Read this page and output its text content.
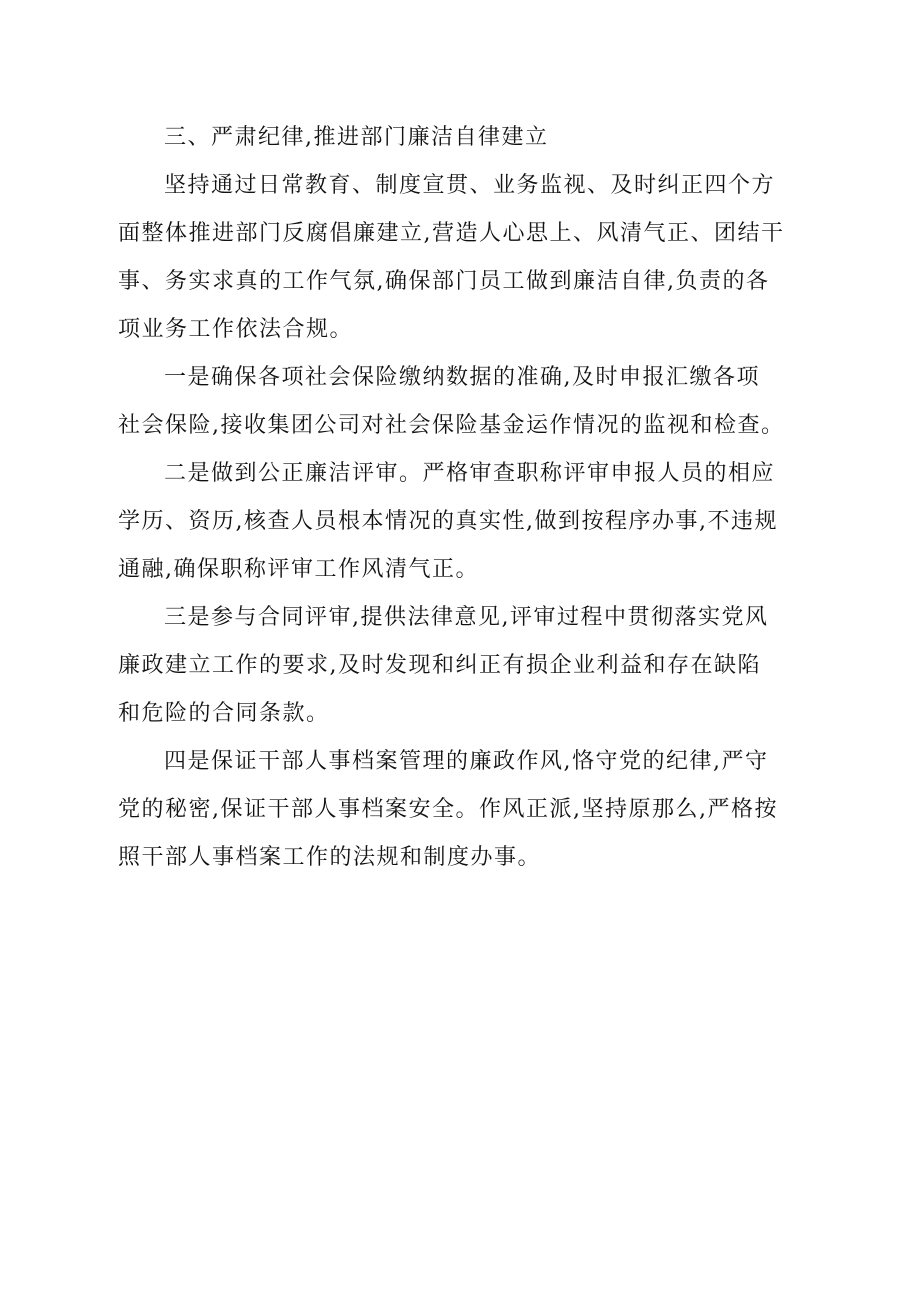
三、严肃纪律,推进部门廉洁自律建立
坚持通过日常教育、制度宣贯、业务监视、及时纠正四个方
面整体推进部门反腐倡廉建立,营造人心思上、风清气正、团结干
事、务实求真的工作气氛,确保部门员工做到廉洁自律,负责的各
项业务工作依法合规。
一是确保各项社会保险缴纳数据的准确,及时申报汇缴各项
社会保险,接收集团公司对社会保险基金运作情况的监视和检查。
二是做到公正廉洁评审。严格审查职称评审申报人员的相应
学历、资历,核查人员根本情况的真实性,做到按程序办事,不违规
通融,确保职称评审工作风清气正。
三是参与合同评审,提供法律意见,评审过程中贯彻落实党风
廉政建立工作的要求,及时发现和纠正有损企业利益和存在缺陷
和危险的合同条款。
四是保证干部人事档案管理的廉政作风,恪守党的纪律,严守
党的秘密,保证干部人事档案安全。作风正派,坚持原那么,严格按
照干部人事档案工作的法规和制度办事。
